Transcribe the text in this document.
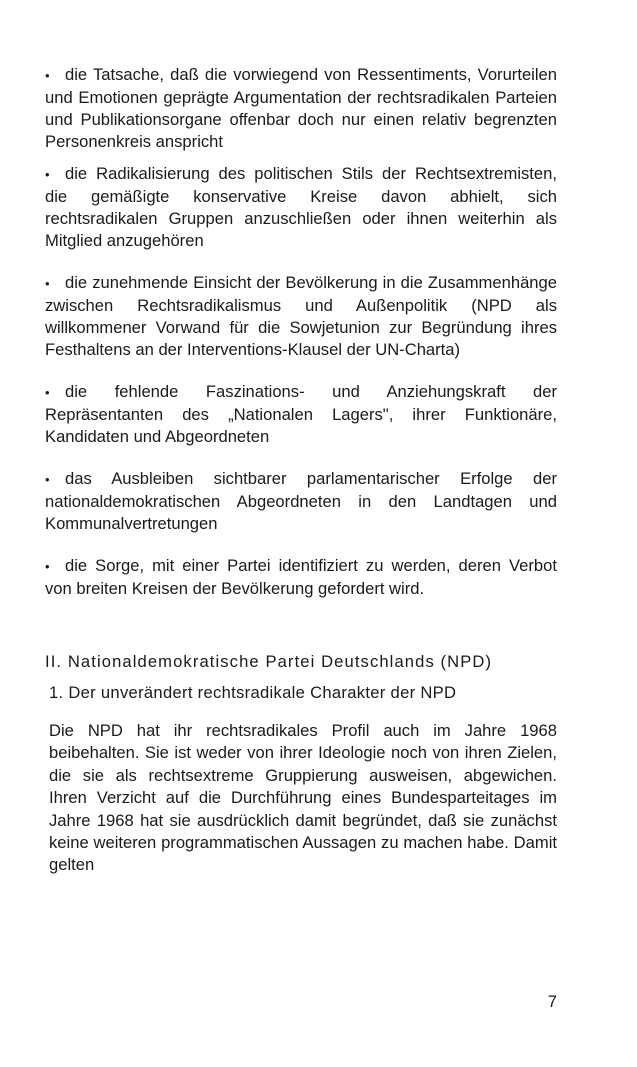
• die Tatsache, daß die vorwiegend von Ressentiments, Vorurteilen und Emotionen geprägte Argumentation der rechtsradikalen Parteien und Publikationsorgane offenbar doch nur einen relativ begrenzten Personenkreis anspricht

• die Radikalisierung des politischen Stils der Rechtsextremisten, die gemäßigte konservative Kreise davon abhielt, sich rechtsradikalen Gruppen anzuschließen oder ihnen weiterhin als Mitglied anzugehören

• die zunehmende Einsicht der Bevölkerung in die Zusammenhänge zwischen Rechtsradikalismus und Außenpolitik (NPD als willkommener Vorwand für die Sowjetunion zur Begründung ihres Festhaltens an der Interventions-Klausel der UN-Charta)

• die fehlende Faszinations- und Anziehungskraft der Repräsentanten des „Nationalen Lagers", ihrer Funktionäre, Kandidaten und Abgeordneten

• das Ausbleiben sichtbarer parlamentarischer Erfolge der nationaldemokratischen Abgeordneten in den Landtagen und Kommunalvertretungen

• die Sorge, mit einer Partei identifiziert zu werden, deren Verbot von breiten Kreisen der Bevölkerung gefordert wird.

II. Nationaldemokratische Partei Deutschlands (NPD)

1. Der unverändert rechtsradikale Charakter der NPD

Die NPD hat ihr rechtsradikales Profil auch im Jahre 1968 beibehalten. Sie ist weder von ihrer Ideologie noch von ihren Zielen, die sie als rechtsextreme Gruppierung ausweisen, abgewichen. Ihren Verzicht auf die Durchführung eines Bundesparteitages im Jahre 1968 hat sie ausdrücklich damit begründet, daß sie zunächst keine weiteren programmatischen Aussagen zu machen habe. Damit gelten

7
